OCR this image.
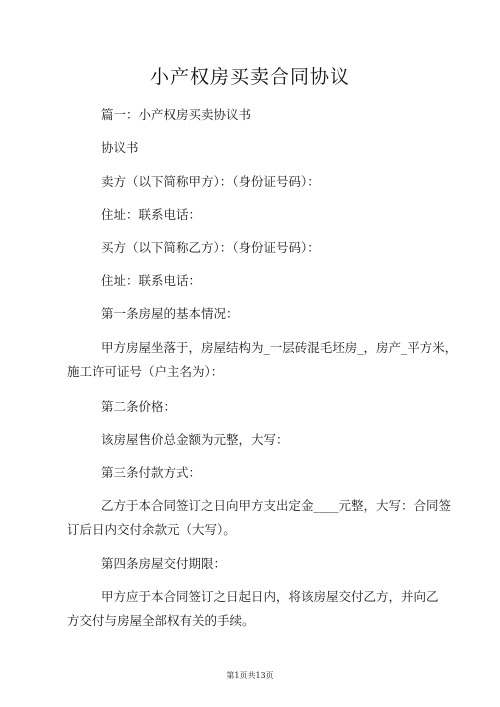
小产权房买卖合同协议
篇一：小产权房买卖协议书
协议书
卖方（以下简称甲方）：（身份证号码）：
住址：联系电话：
买方（以下简称乙方）：（身份证号码）：
住址：联系电话：
第一条房屋的基本情况：
甲方房屋坐落于，房屋结构为_一层砖混毛坯房_，房产_平方米，
施工许可证号（户主名为）：
第二条价格：
该房屋售价总金额为元整，大写：
第三条付款方式：
乙方于本合同签订之日向甲方支出定金____元整，大写：合同签
订后日内交付余款元（大写）。
第四条房屋交付期限：
甲方应于本合同签订之日起日内，将该房屋交付乙方，并向乙
方交付与房屋全部权有关的手续。
第1页共13页
